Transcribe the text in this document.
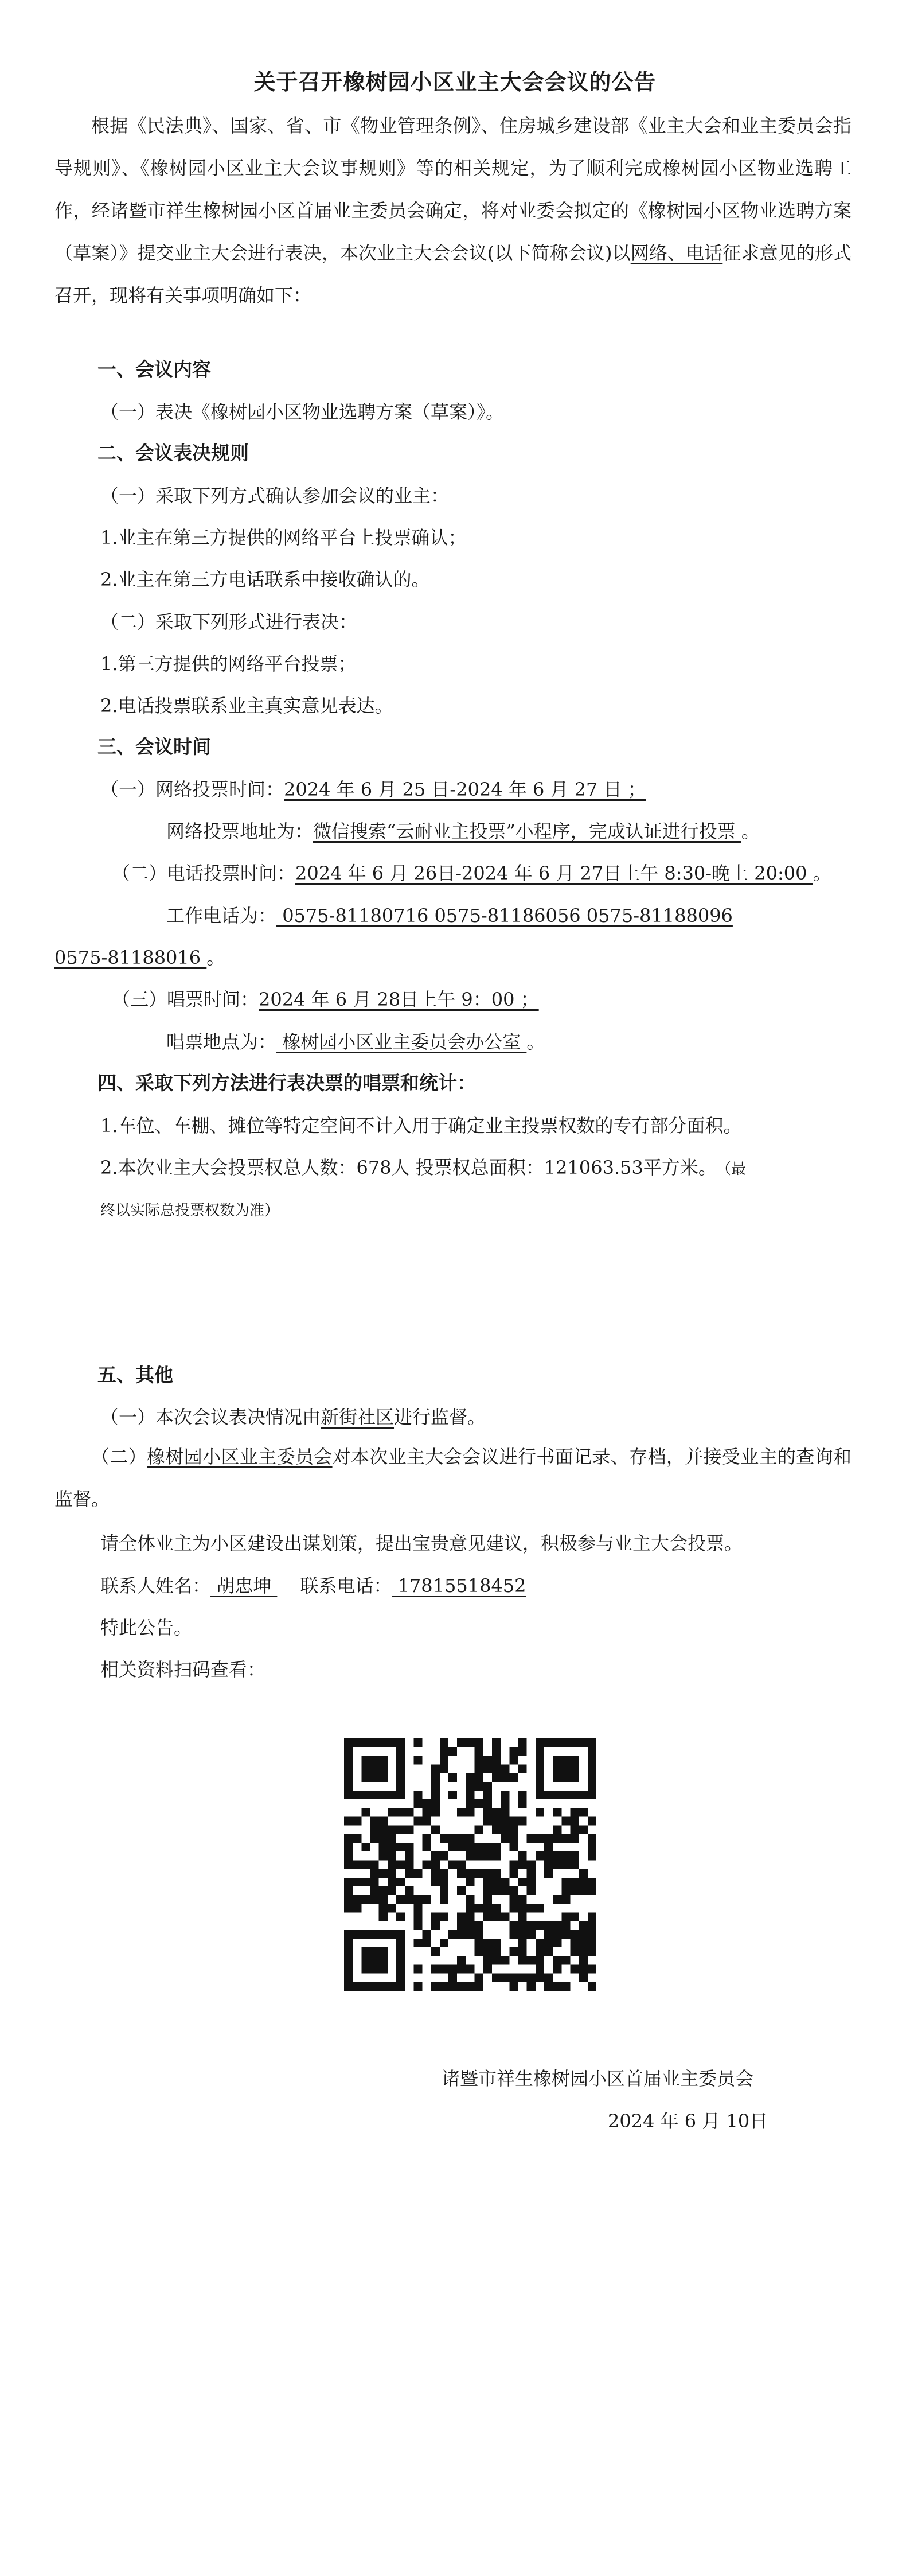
关于召开橡树园小区业主大会会议的公告
根据《民法典》、国家、省、市《物业管理条例》、住房城乡建设部《业主大会和业主委员会指导规则》、《橡树园小区业主大会议事规则》等的相关规定，为了顺利完成橡树园小区物业选聘工作，经诸暨市祥生橡树园小区首届业主委员会确定，将对业委会拟定的《橡树园小区物业选聘方案（草案）》提交业主大会进行表决，本次业主大会会议(以下简称会议)以网络、电话征求意见的形式召开，现将有关事项明确如下：
一、会议内容
（一）表决《橡树园小区物业选聘方案（草案）》。
二、会议表决规则
（一）采取下列方式确认参加会议的业主：
1.业主在第三方提供的网络平台上投票确认；
2.业主在第三方电话联系中接收确认的。
（二）采取下列形式进行表决：
1.第三方提供的网络平台投票；
2.电话投票联系业主真实意见表达。
三、会议时间
（一）网络投票时间：2024 年 6 月 25 日-2024 年 6 月 27 日 ；
网络投票地址为：微信搜索“云耐业主投票”小程序，完成认证进行投票 。
（二）电话投票时间：2024 年 6 月 26日-2024 年 6 月 27日上午 8:30-晚上 20:00 。
工作电话为： 0575-81180716 0575-81186056 0575-81188096
0575-81188016 。
（三）唱票时间：2024 年 6 月 28日上午 9：00 ；
唱票地点为： 橡树园小区业主委员会办公室 。
四、采取下列方法进行表决票的唱票和统计：
1.车位、车棚、摊位等特定空间不计入用于确定业主投票权数的专有部分面积。
2.本次业主大会投票权总人数：678人 投票权总面积：121063.53平方米。 （最
终以实际总投票权数为准）
五、其他
（一）本次会议表决情况由新街社区进行监督。
（二）橡树园小区业主委员会对本次业主大会会议进行书面记录、存档，并接受业主的查询和监督。
请全体业主为小区建设出谋划策，提出宝贵意见建议，积极参与业主大会投票。
联系人姓名： 胡忠坤 联系电话： 17815518452
特此公告。
相关资料扫码查看：
诸暨市祥生橡树园小区首届业主委员会
2024 年 6 月 10日
